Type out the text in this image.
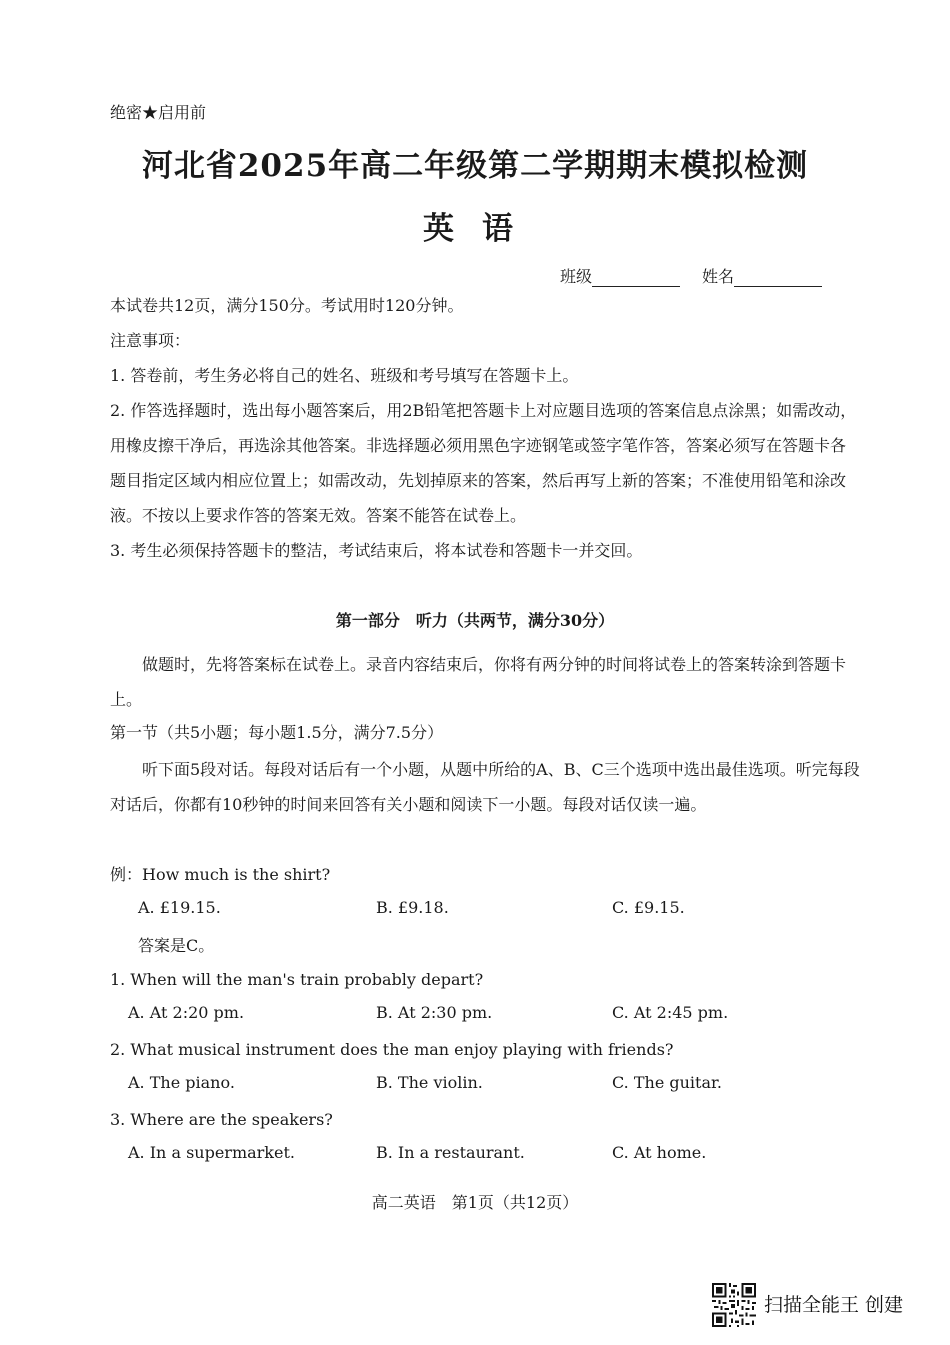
绝密★启用前
河北省2025年高二年级第二学期期末模拟检测
英语
班级	姓名
本试卷共12页，满分150分。考试用时120分钟。
注意事项：
1. 答卷前，考生务必将自己的姓名、班级和考号填写在答题卡上。
2. 作答选择题时，选出每小题答案后，用2B铅笔把答题卡上对应题目选项的答案信息点涂黑；如需改动，用橡皮擦干净后，再选涂其他答案。非选择题必须用黑色字迹钢笔或签字笔作答，答案必须写在答题卡各题目指定区域内相应位置上；如需改动，先划掉原来的答案，然后再写上新的答案；不准使用铅笔和涂改液。不按以上要求作答的答案无效。答案不能答在试卷上。
3. 考生必须保持答题卡的整洁，考试结束后，将本试卷和答题卡一并交回。
第一部分　听力（共两节，满分30分）
做题时，先将答案标在试卷上。录音内容结束后，你将有两分钟的时间将试卷上的答案转涂到答题卡上。
第一节（共5小题；每小题1.5分，满分7.5分）
听下面5段对话。每段对话后有一个小题，从题中所给的A、B、C三个选项中选出最佳选项。听完每段对话后，你都有10秒钟的时间来回答有关小题和阅读下一小题。每段对话仅读一遍。
例：How much is the shirt?
A. £19.15.	B. £9.18.	C. £9.15.
答案是C。
1. When will the man's train probably depart?
A. At 2:20 pm.	B. At 2:30 pm.	C. At 2:45 pm.
2. What musical instrument does the man enjoy playing with friends?
A. The piano.	B. The violin.	C. The guitar.
3. Where are the speakers?
A. In a supermarket.	B. In a restaurant.	C. At home.
高二英语　第1页（共12页）
扫描全能王 创建
